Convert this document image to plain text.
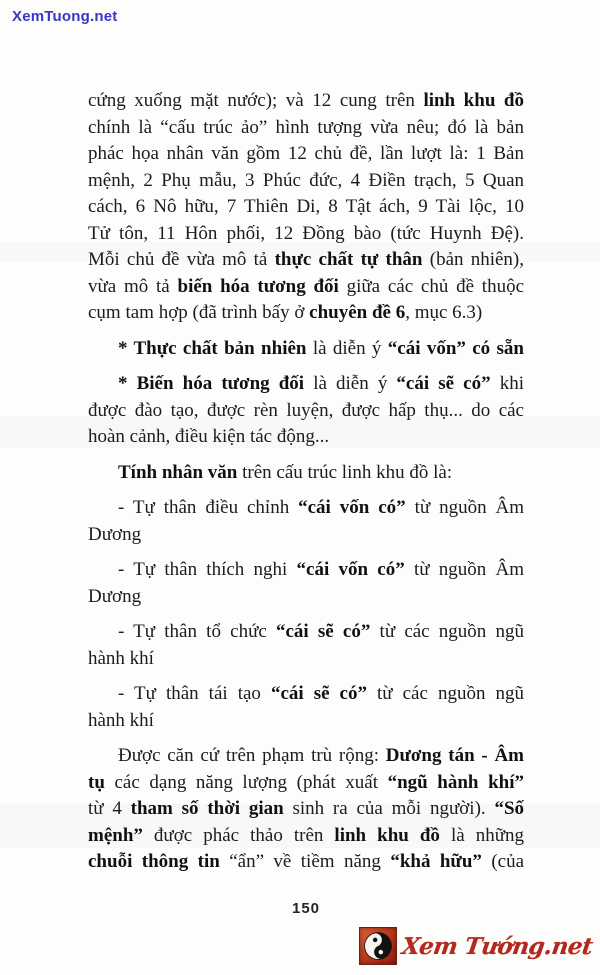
XemTuong.net
cứng xuống mặt nước); và 12 cung trên linh khu đồ
chính là “cấu trúc ảo” hình tượng vừa nêu; đó là bản
phác họa nhân văn gồm 12 chủ đề, lần lượt là: 1 Bản
mệnh, 2 Phụ mẫu, 3 Phúc đức, 4 Điền trạch, 5 Quan
cách, 6 Nô hữu, 7 Thiên Di, 8 Tật ách, 9 Tài lộc, 10
Tử tôn, 11 Hôn phối, 12 Đồng bào (tức Huynh Đệ).
Mỗi chủ đề vừa mô tả thực chất tự thân (bản nhiên),
vừa mô tả biến hóa tương đối giữa các chủ đề thuộc
cụm tam hợp (đã trình bấy ở chuyên đề 6, mục 6.3)
* Thực chất bản nhiên là diễn ý “cái vốn” có sẵn
* Biến hóa tương đối là diễn ý “cái sẽ có” khi
được đào tạo, được rèn luyện, được hấp thụ... do các
hoàn cảnh, điều kiện tác động...
Tính nhân văn trên cấu trúc linh khu đồ là:
- Tự thân điều chỉnh “cái vốn có” từ nguồn Âm
Dương
- Tự thân thích nghi “cái vốn có” từ nguồn Âm
Dương
- Tự thân tổ chức “cái sẽ có” từ các nguồn ngũ
hành khí
- Tự thân tái tạo “cái sẽ có” từ các nguồn ngũ
hành khí
Được căn cứ trên phạm trù rộng: Dương tán - Âm
tụ các dạng năng lượng (phát xuất “ngũ hành khí”
từ 4 tham số thời gian sinh ra của mỗi người). “Số
mệnh” được phác thảo trên linh khu đồ là những
chuỗi thông tin “ẩn” về tiềm năng “khả hữu” (của
150
Xem Tướng.net
